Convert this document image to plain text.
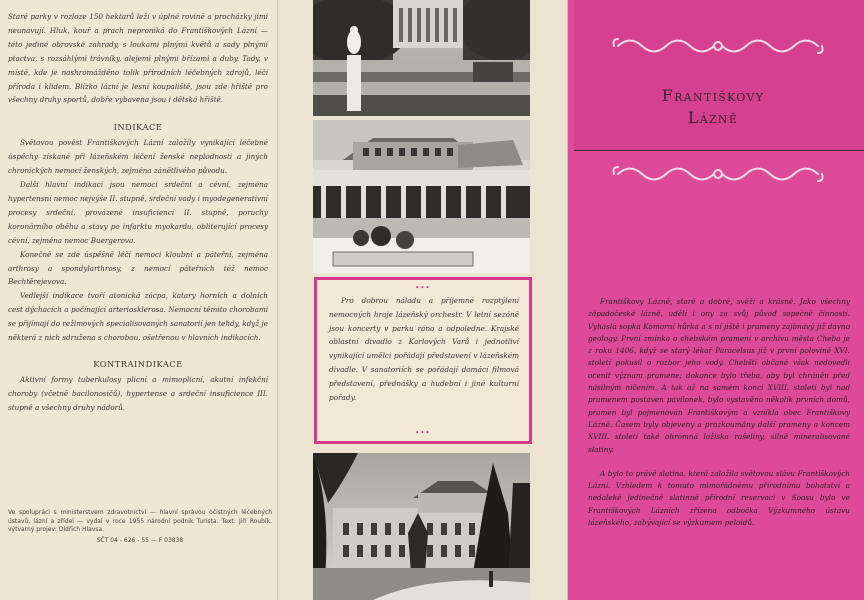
Staré parky v rozloze 150 hektarů leží v úplné rovině a procházky jimi neunavují. Hluk, kouř a prach neproniká do Františkových Lázní — této jediné obrovské zahrady, s loukami plnými květů a sady plnými ptactva, s rozsáhlými trávníky, alejemi plnými břízami a duby. Tady, v místě, kde je nashromážděno tolik přírodních léčebných zdrojů, léčí příroda i klidem. Blízko lázní je lesní koupaliště, jsou zde hřiště pro všechny druhy sportů, dobře vybavena jsou i dětská hřiště.

INDIKACE

Světovou pověst Františkových Lázní založily vynikající léčebné úspěchy získané při lázeňském léčení ženské neplodnosti a jiných chronických nemocí ženských, zejména zánětlivého původu.

Další hlavní indikací jsou nemoci srdeční a cévní, zejména hypertensní nemoc nejvýše II. stupně, srdeční vady i myodegenerativní procesy srdeční, provázené insuficiencí II. stupně, poruchy koronárního oběhu a stavy po infarktu myokardu, obliterující procesy cévní, zejména nemoc Buergerova.

Konečně se zde úspěšně léčí nemoci kloubní a páteřní, zejména arthrosy a spondylarthrosy, z nemocí páteřních též nemoc Bechtěrejevova.

Vedlejší indikace tvoří atonická zácpa, katary horních a dolních cest dýchacích a počínající arteriosklerosa. Nemocní těmito chorobami se přijímají do režimových specialisovaných sanatorií jen tehdy, když je některá z nich sdružena s chorobou, ošetřenou v hlavních indikacích.

KONTRAINDIKACE

Aktivní formy tuberkulosy plicní a mimoplicní, akutní infekční choroby (včetně bacilonosičů), hypertense a srdeční insuficience III. stupně a všechny druhy nádorů.

Ve spolupráci s ministerstvem zdravotnictví — hlavní správou očistných léčebných ústavů, lázní a zřídel — vydal v roce 1955 národní podnik Turista. Text: Jiří Roubík, výtvarný projev: Oldřich Hlavsa.
SČT 04 - 626 - 55 — F 03838
•••
Pro dobrou náladu a příjemné rozptýlení nemocných hraje lázeňský orchestr. V letní sezóně jsou koncerty v parku ráno a odpoledne. Krajské oblastní divadlo z Karlových Varů i jednotliví vynikající umělci pořádají představení v lázeňském divadle. V sanatoriích se pořádají domácí filmová představení, přednášky a hudební i jiné kulturní pořady.
•••
Františkovy
Lázně

Františkovy Lázně, staré a dobré, svěží a krásné. Jako všechny západočeské lázně, udělí i ony za svůj původ sopečné činnosti. Vyhaslá sopka Komorní hůrka a s ní jiště i prameny zajímavý již dávno geology. První zmínka o chebském prameni v archivu města Cheba je z roku 1406, když se starý lékař Paracelsus již v první polovině XVI. století pokusil o rozbor jeho vody. Chebští občané však nedovedli ocenit význam pramene; dokonce bylo třeba, aby byl chráněn před násilným ničením. A tak až na samém konci XVIII. století byl nad pramenem postaven pavilonek, bylo vystavěno několik prvních domů, pramen byl pojmenován Františkovým a vznikla obec Františkovy Lázně. Časem byly objeveny a prozkoumány další prameny a koncem XVIII. století také ohromná ložiska rašeliny, silně mineralisované slatiny.

A bylo to právě slatina, která založila světovou slávu Františkových Lázní. Vzhledem k tomuto mimořádnému přírodnímu bohatství a nedaleké jedinečné slatinné přírodní reservaci v Soosu bylo ve Františkových Lázních zřízena odbočka Výzkumného ústavu lázeňského, zabývající se výzkumem peloidů.
